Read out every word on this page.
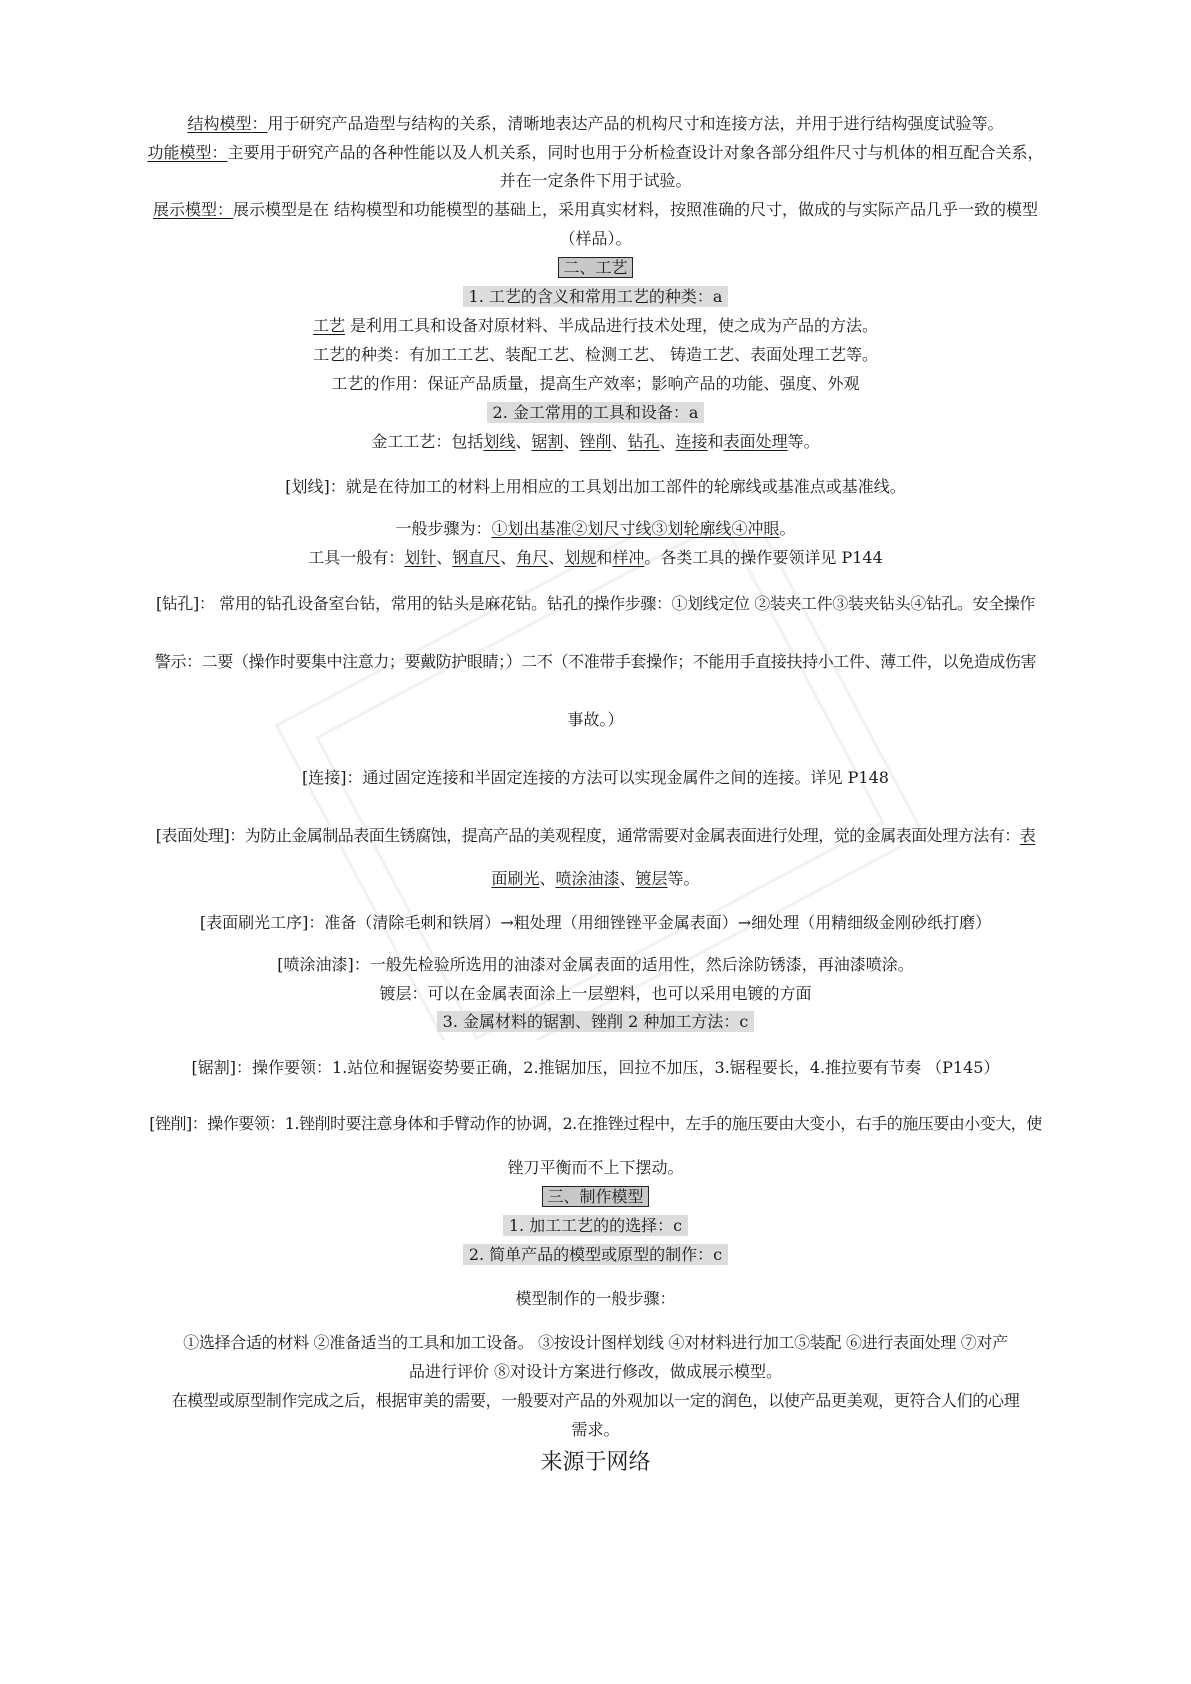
结构模型：用于研究产品造型与结构的关系，清晰地表达产品的机构尺寸和连接方法，并用于进行结构强度试验等。
功能模型：主要用于研究产品的各种性能以及人机关系，同时也用于分析检查设计对象各部分组件尺寸与机体的相互配合关系，
并在一定条件下用于试验。
展示模型：展示模型是在 结构模型和功能模型的基础上，采用真实材料，按照准确的尺寸，做成的与实际产品几乎一致的模型
（样品）。
二、工艺
1. 工艺的含义和常用工艺的种类：a
工艺 是利用工具和设备对原材料、半成品进行技术处理，使之成为产品的方法。
工艺的种类：有加工工艺、装配工艺、检测工艺、 铸造工艺、表面处理工艺等。
工艺的作用：保证产品质量，提高生产效率；影响产品的功能、强度、外观
2. 金工常用的工具和设备：a
金工工艺：包括划线、锯割、锉削、钻孔、连接和表面处理等。
[划线]：就是在待加工的材料上用相应的工具划出加工部件的轮廓线或基准点或基准线。
一般步骤为：①划出基准②划尺寸线③划轮廓线④冲眼。
工具一般有：划针、钢直尺、角尺、划规和样冲。各类工具的操作要领详见 P144
[钻孔]： 常用的钻孔设备室台钻，常用的钻头是麻花钻。钻孔的操作步骤：①划线定位 ②装夹工件③装夹钻头④钻孔。安全操作
警示：二要（操作时要集中注意力；要戴防护眼睛；）二不（不准带手套操作；不能用手直接扶持小工件、薄工件，以免造成伤害
事故。）
[连接]：通过固定连接和半固定连接的方法可以实现金属件之间的连接。详见 P148
[表面处理]：为防止金属制品表面生锈腐蚀，提高产品的美观程度，通常需要对金属表面进行处理，觉的金属表面处理方法有：表
面刷光、喷涂油漆、镀层等。
[表面刷光工序]：准备（清除毛刺和铁屑）→粗处理（用细锉锉平金属表面）→细处理（用精细级金刚砂纸打磨）
[喷涂油漆]：一般先检验所选用的油漆对金属表面的适用性，然后涂防锈漆，再油漆喷涂。
镀层：可以在金属表面涂上一层塑料，也可以采用电镀的方面
3. 金属材料的锯割、锉削 2 种加工方法：c
[锯割]：操作要领：1.站位和握锯姿势要正确，2.推锯加压，回拉不加压，3.锯程要长，4.推拉要有节奏 （P145）
[锉削]：操作要领：1.锉削时要注意身体和手臂动作的协调，2.在推锉过程中，左手的施压要由大变小，右手的施压要由小变大，使
锉刀平衡而不上下摆动。
三、制作模型
1. 加工工艺的的选择：c
2. 简单产品的模型或原型的制作：c
模型制作的一般步骤：
①选择合适的材料 ②准备适当的工具和加工设备。 ③按设计图样划线 ④对材料进行加工⑤装配 ⑥进行表面处理 ⑦对产
品进行评价 ⑧对设计方案进行修改，做成展示模型。
在模型或原型制作完成之后，根据审美的需要，一般要对产品的外观加以一定的润色，以使产品更美观，更符合人们的心理
需求。
来源于网络
